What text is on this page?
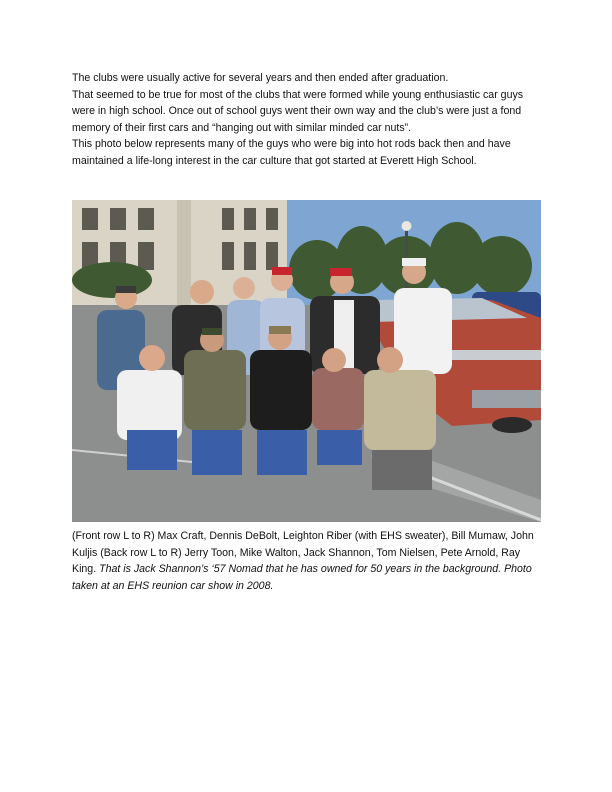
The clubs were usually active for several years and then ended after graduation.

That seemed to be true for most of the clubs that were formed while young enthusiastic car guys were in high school. Once out of school guys went their own way and the club’s were just a fond memory of their first cars and “hanging out with similar minded car nuts”.

This photo below represents many of the guys who were big into hot rods back then and have maintained a life-long interest in the car culture that got started at Everett High School.

(Front row L to R) Max Craft, Dennis DeBolt, Leighton Riber (with EHS sweater), Bill Mumaw, John Kuljis (Back row L to R) Jerry Toon, Mike Walton, Jack Shannon, Tom Nielsen, Pete Arnold, Ray King. That is Jack Shannon’s ‘57 Nomad that he has owned for 50 years in the background. Photo taken at an EHS reunion car show in 2008.
